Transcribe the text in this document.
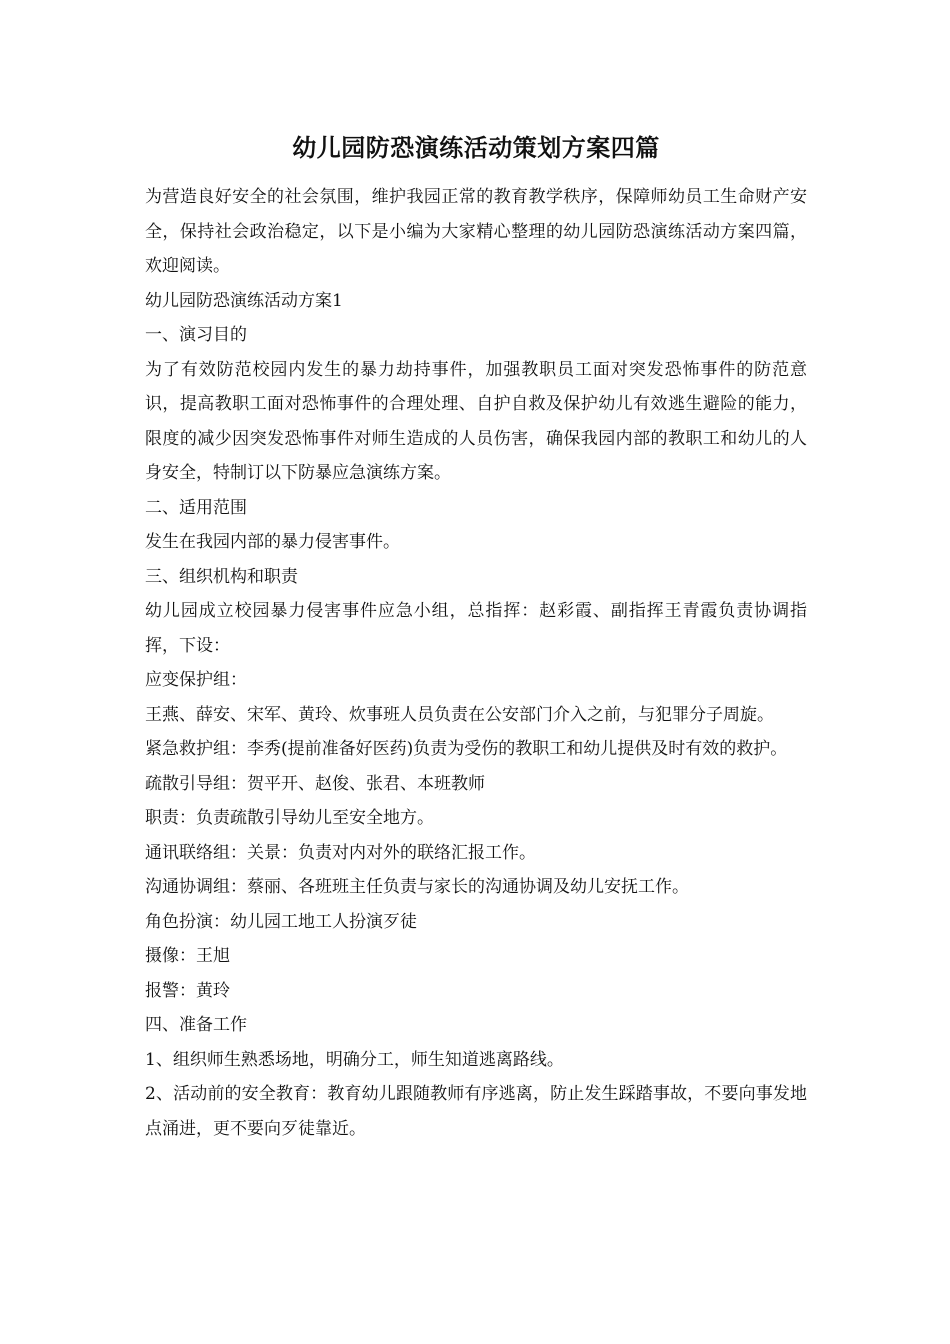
幼儿园防恐演练活动策划方案四篇

为营造良好安全的社会氛围，维护我园正常的教育教学秩序，保障师幼员工生命财产安全，保持社会政治稳定，以下是小编为大家精心整理的幼儿园防恐演练活动方案四篇，欢迎阅读。

幼儿园防恐演练活动方案1

一、演习目的

为了有效防范校园内发生的暴力劫持事件，加强教职员工面对突发恐怖事件的防范意识，提高教职工面对恐怖事件的合理处理、自护自救及保护幼儿有效逃生避险的能力，限度的减少因突发恐怖事件对师生造成的人员伤害，确保我园内部的教职工和幼儿的人身安全，特制订以下防暴应急演练方案。

二、适用范围

发生在我园内部的暴力侵害事件。

三、组织机构和职责

幼儿园成立校园暴力侵害事件应急小组，总指挥：赵彩霞、副指挥王青霞负责协调指挥，下设：

应变保护组：

王燕、薛安、宋军、黄玲、炊事班人员负责在公安部门介入之前，与犯罪分子周旋。

紧急救护组：李秀(提前准备好医药)负责为受伤的教职工和幼儿提供及时有效的救护。

疏散引导组：贺平开、赵俊、张君、本班教师

职责：负责疏散引导幼儿至安全地方。

通讯联络组：关景：负责对内对外的联络汇报工作。

沟通协调组：蔡丽、各班班主任负责与家长的沟通协调及幼儿安抚工作。

角色扮演：幼儿园工地工人扮演歹徒

摄像：王旭

报警：黄玲

四、准备工作

1、组织师生熟悉场地，明确分工，师生知道逃离路线。

2、活动前的安全教育：教育幼儿跟随教师有序逃离，防止发生踩踏事故，不要向事发地点涌进，更不要向歹徒靠近。
